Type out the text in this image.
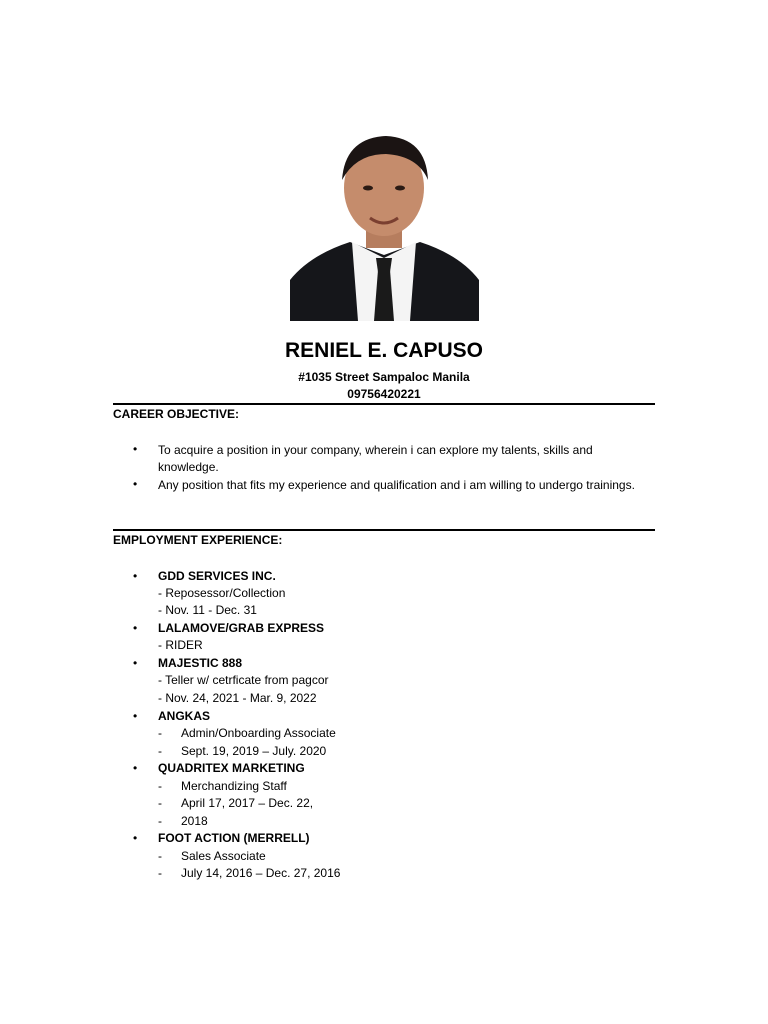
RENIEL E. CAPUSO
#1035 Street Sampaloc Manila
09756420221
CAREER OBJECTIVE:
• To acquire a position in your company, wherein i can explore my talents, skills and knowledge.
• Any position that fits my experience and qualification and i am willing to undergo trainings.
EMPLOYMENT EXPERIENCE:
• GDD SERVICES INC.
- Reposessor/Collection
- Nov. 11 - Dec. 31
• LALAMOVE/GRAB EXPRESS
- RIDER
• MAJESTIC 888
- Teller w/ cetrficate from pagcor
- Nov. 24, 2021 - Mar. 9, 2022
• ANGKAS
- Admin/Onboarding Associate
- Sept. 19, 2019 – July. 2020
• QUADRITEX MARKETING
- Merchandizing Staff
- April 17, 2017 – Dec. 22,
- 2018
• FOOT ACTION (MERRELL)
- Sales Associate
- July 14, 2016 – Dec. 27, 2016
